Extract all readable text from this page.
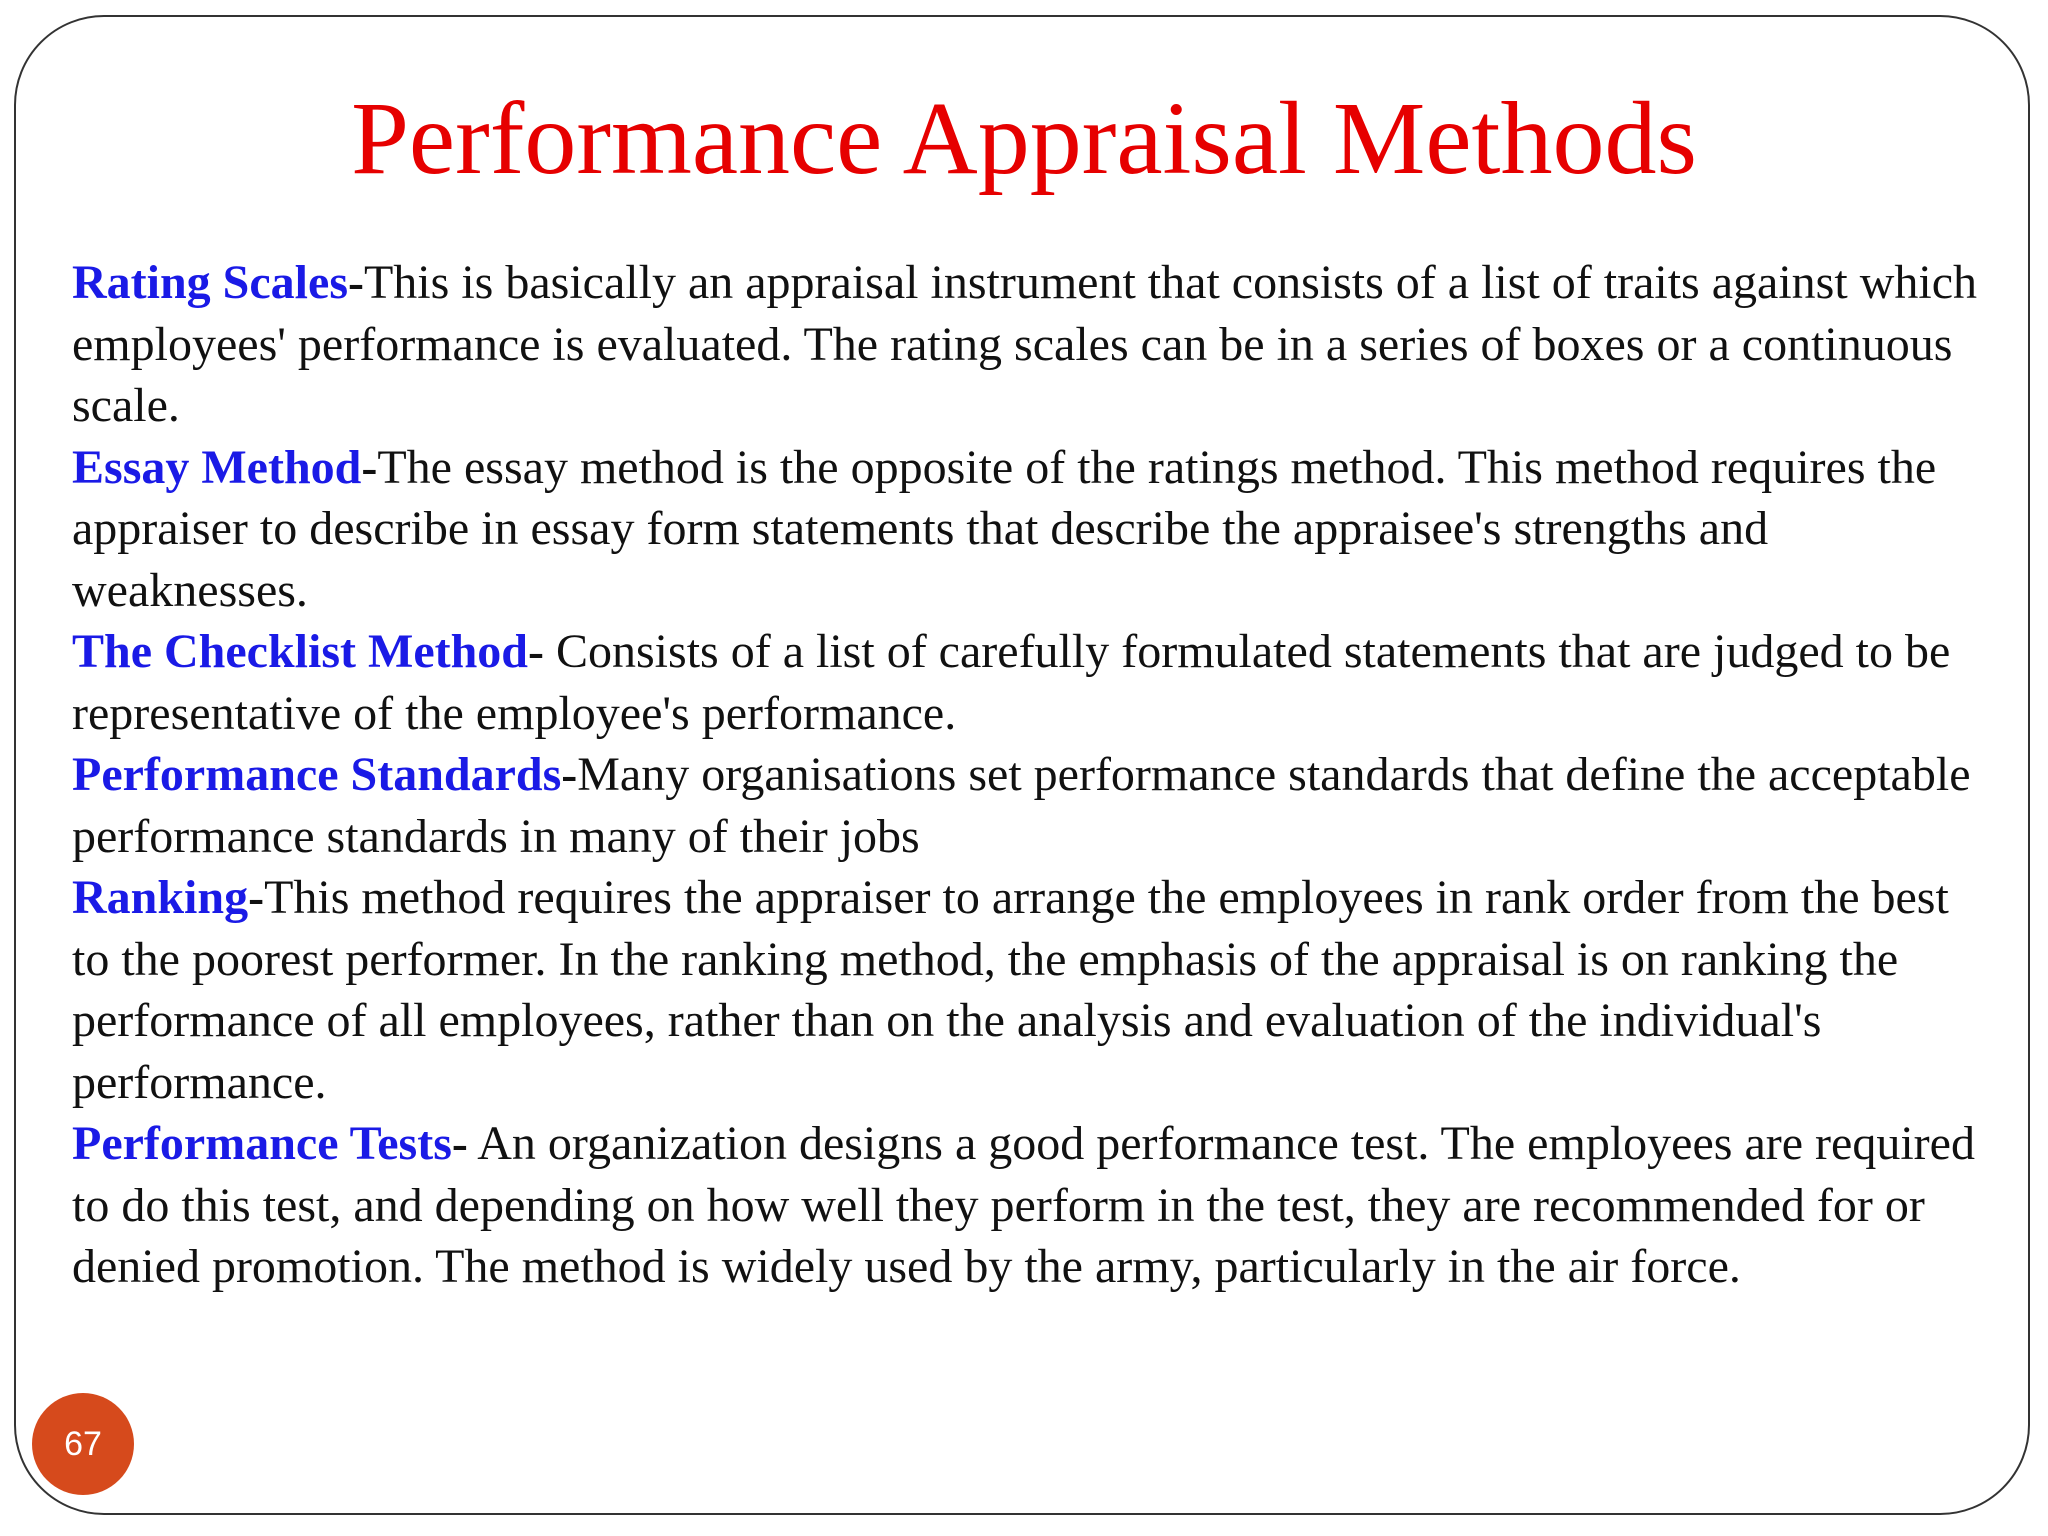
Performance Appraisal Methods

Rating Scales-This is basically an appraisal instrument that consists of a list of traits against which employees' performance is evaluated. The rating scales can be in a series of boxes or a continuous scale.

Essay Method-The essay method is the opposite of the ratings method. This method requires the appraiser to describe in essay form statements that describe the appraisee's strengths and weaknesses.

The Checklist Method- Consists of a list of carefully formulated statements that are judged to be representative of the employee's performance.

Performance Standards-Many organisations set performance standards that define the acceptable performance standards in many of their jobs

Ranking-This method requires the appraiser to arrange the employees in rank order from the best to the poorest performer. In the ranking method, the emphasis of the appraisal is on ranking the performance of all employees, rather than on the analysis and evaluation of the individual's performance.

Performance Tests- An organization designs a good performance test. The employees are required to do this test, and depending on how well they perform in the test, they are recommended for or denied promotion. The method is widely used by the army, particularly in the air force.

67
